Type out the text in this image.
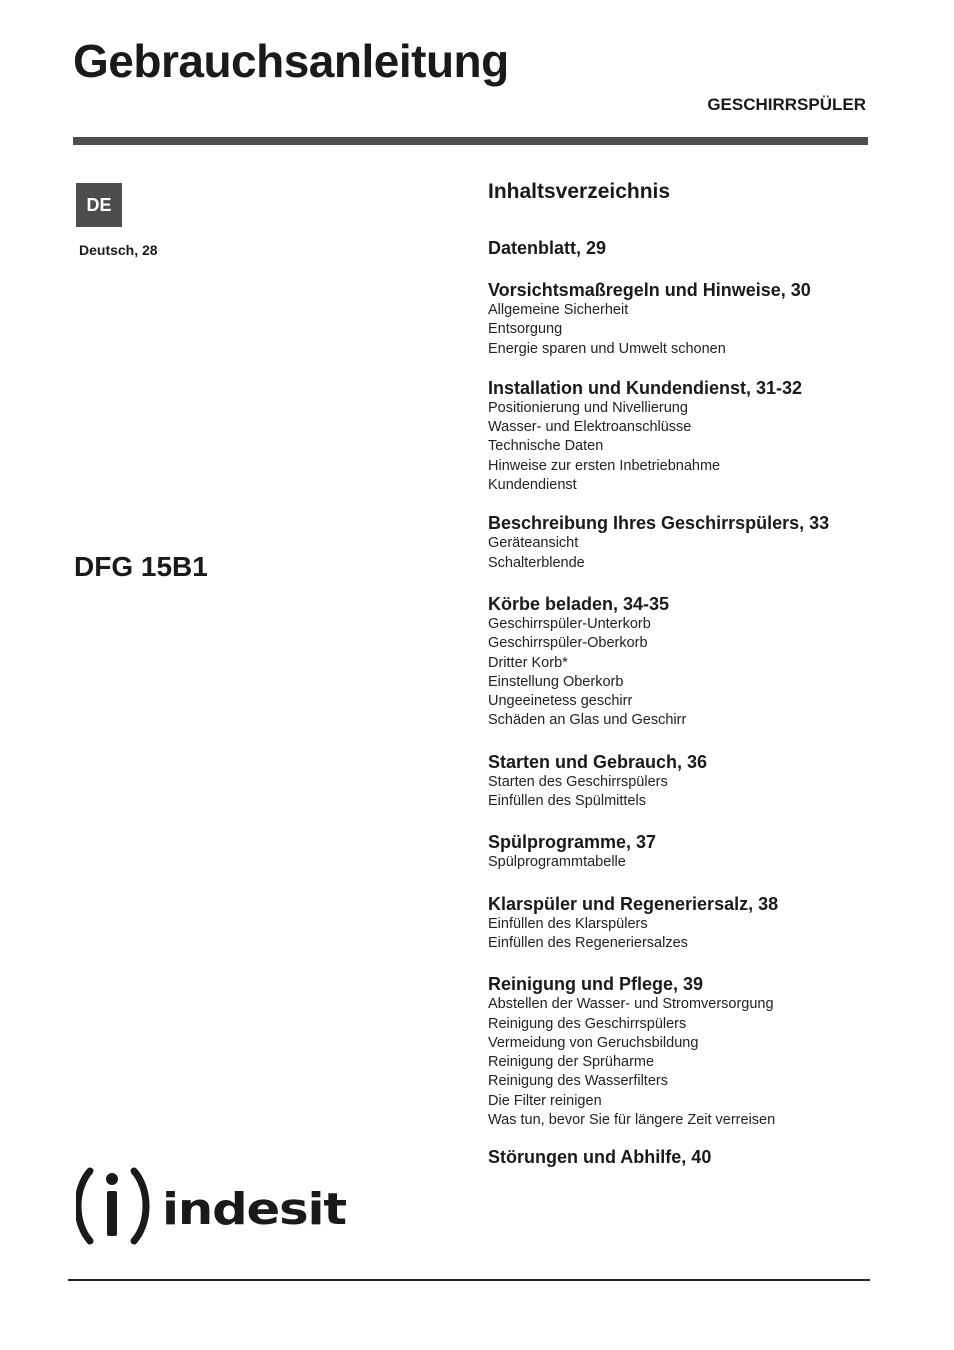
Gebrauchsanleitung
GESCHIRRSPÜLER
DE
Deutsch, 28
DFG 15B1
Inhaltsverzeichnis
Datenblatt, 29
Vorsichtsmaßregeln und Hinweise, 30
Allgemeine Sicherheit
Entsorgung
Energie sparen und Umwelt schonen
Installation und Kundendienst, 31-32
Positionierung und Nivellierung
Wasser- und Elektroanschlüsse
Technische Daten
Hinweise zur ersten Inbetriebnahme
Kundendienst
Beschreibung Ihres Geschirrspülers, 33
Geräteansicht
Schalterblende
Körbe beladen, 34-35
Geschirrspüler-Unterkorb
Geschirrspüler-Oberkorb
Dritter Korb*
Einstellung Oberkorb
Ungeeinetess geschirr
Schäden an Glas und Geschirr
Starten und Gebrauch, 36
Starten des Geschirrspülers
Einfüllen des Spülmittels
Spülprogramme, 37
Spülprogrammtabelle
Klarspüler und Regeneriersalz, 38
Einfüllen des Klarspülers
Einfüllen des Regeneriersalzes
Reinigung und Pflege, 39
Abstellen der Wasser- und Stromversorgung
Reinigung des Geschirrspülers
Vermeidung von Geruchsbildung
Reinigung der Sprüharme
Reinigung des Wasserfilters
Die Filter reinigen
Was tun, bevor Sie für längere Zeit verreisen
Störungen und Abhilfe, 40
indesit
